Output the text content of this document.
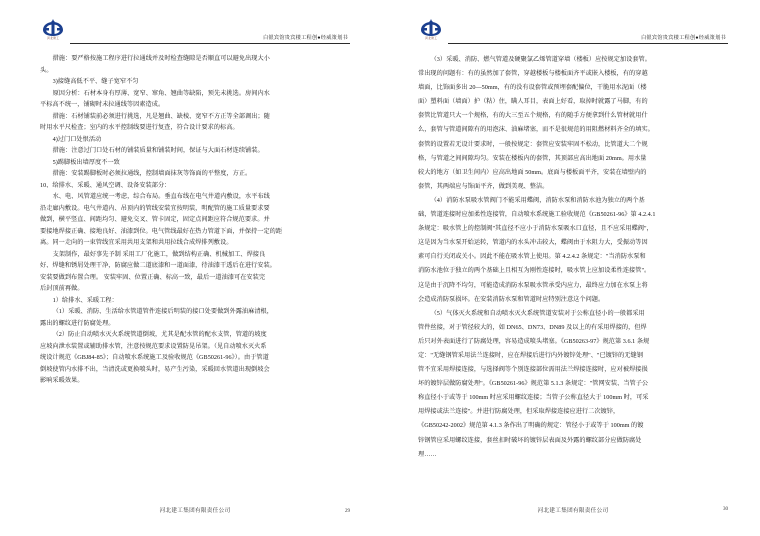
河北建工	白银宾馆贵宾楼工程创●经威策划书

措施：要严格按施工程序进行拉通线并及时检查缝隙是否顺直可以避免出现大小

头。

3)接缝高低不平、缝子宽窄不匀

原因分析：石材本身有厚薄、宽窄、窜角、翘曲等缺陷，预先未挑选。房间内水

平标高不统一，铺砌时未拉通线等因素造成。

措施：石材铺装前必须进行挑选，凡是翘曲、缺棱、宽窄不方正等全部调出；随

时用水平尺检查；室内的水平控制线要进行复查，符合设计要求的标高。

4)过门口处恨活动

措施：注意过门口处石材的铺装质量和铺装时间，保证与大面石材连续铺装。

5)踢脚板出墙厚度不一致

措施：安装踢脚板时必须拉通线，控制墙面抹灰等饰面的平整度，方正。

10、给排水、采暖、通风空调、设备安装部分：

水、电、风管道应统一考虑，综合布局。垂直布线在电气井道内敷设，水平布线

沿走廊内敷设。电气井道内、吊顶内的管线安装宜按明装，明配管的施工质量要求要

做到，横平竖直、间距均匀、避免交叉、管卡固定，固定点间距应符合规范要求。并

要接地焊接正确、接地良好、油漆到位。电气管线最好在热力管道下面，并保持一定的距

离。同一走向的一束管线宜采用共用支架和共用拉线合成焊排列敷设。

支架制作，最好事先予制 采用工厂化施工，做到结构正确、机械加工、焊接良

好、焊缝和锈屑处理干净，防腐应做二道底漆和一道面漆，待油漆干透后在进行安装。

安装要做到布置合理。 安装牢固、位置正确、标高一致，最后一道油漆可在安装完

后封顶前再做。

1）给排水、采暖工程：

（1）采暖、消防、生活给水管道管件连接后明装的接口处要做到外露油麻清根，

露出的螺纹进行防腐处理。

（2）防止自动喷水灭火系统管道倒坡，尤其是配水管的配水支管，管道的坡度

应坡向泄水装置或辅助排水管，注意按规范要求设置防晃吊架。（见自动喷水灭火系

统设计规范《GBJ84-85》；自动喷水系统施工及验收规范《GB50261-96》）。由于管道

倒坡使管内水排不出，当清洗或更换喷头时，易产生污染，采暖回水管道出现倒坡会

影响采暖效果。

河北建工集团有限责任公司	29
河北建工	白银宾馆贵宾楼工程创●经威策划书

（3）采暖、消防、燃气管道及硬聚氯乙烯管道穿墙（楼板）应按规定加设套管。

常出现的问题有：有的虽然加了套管，穿越楼板与楼板面齐平或嵌入楼板，有的穿越

墙面，比饰面多出 20—50mm，有的没有设套管或预埋套配偏位，干脆用水泥面（楼

面）塑料面（墙面）护（粘）住，瞒人耳目，表面上好看，取掉时就露了马脚，有的

套管比管道只大一个规格，有的大三至五个规格，有的随手方便拿到什么管材就用什

么，套管与管道间隙有的用泡沫、油麻堵塞，而不是很规范的用阻燃材料齐全的填实。

套管的设置若无设计要求时，一般按规定：套管应安装牢固不松动，比管道大二个规

格，与管道之间间隙均匀。安装在楼板内的套管，其顶部应高出地面 20mm。用水量

较大的地方（如卫生间内）应高出地面 50mm。底面与楼板面平齐，安装在墙壁内的

套管，其两端应与饰面平齐，做到美观、整洁。

（4）消防水泵吸水管阀门不能采用蝶阀，消防水泵和消防水池为独立的两个基

础，管道连接时应加柔性连接管，自动喷水系统施工验收规范《GB50261-96》第 4.2.4.1

条规定：吸水管上的控制阀"其直径不应小于消防水泵吸水口直径，且不应采用蝶阀"，

这是因为当水泵开始运转，管道内的水头冲击较大，蝶阀由于水阻力大，受振动等因

素可自行关闭或关小。因此不能在吸水管上使用。第 4.2.4.2 条规定："当消防水泵和

消防水池位于独立的两个基础上且相互为刚性连接时，吸水管上应加设柔性连接管"。

这是由于沉降不均匀，可能造成消防水泵吸水管承受内应力，最终应力加在水泵上将

会造成消防泵损坏。在安装消防水泵和管道时应特别注意这个问题。

（5）气体灭火系统和自动喷水灭火系统管道安装对于公称直径小的一般都采用

管件丝接，对于管径较大的，如 DN65、DN73、DN89 及以上的有采用焊接的，但焊

后只对外表面进行了防腐处理，容易造成喷头堵塞。《GB50263-97》规范第 3.6.1 条规

定："无缝钢管采用法兰连接时，应在焊接后进行内外镀锌处理"、"已镀锌的无缝钢

管不宜采用焊接连接，与选择阀等个别连接部位需用法兰焊接连接时，应对被焊接损

坏的镀锌层做防腐处理"。《GB50261-96》规范第 5.1.3 条规定："管网安装、当管子公

称直径小于或等于 100mm 时应采用螺纹连接；当管子公称直径大于 100mm 时，可采

用焊接或法兰连接"。并进行防腐处理，但采取焊接连接应进行二次镀锌，

《GB50242-2002》规范第 4.1.3 条作出了明确的规定：管径小于或等于 100mm 的镀

锌钢管应采用螺纹连接，套丝扣时破坏的镀锌层表面及外露的螺纹部分应做防腐处

理……

河北建工集团有限责任公司	30
